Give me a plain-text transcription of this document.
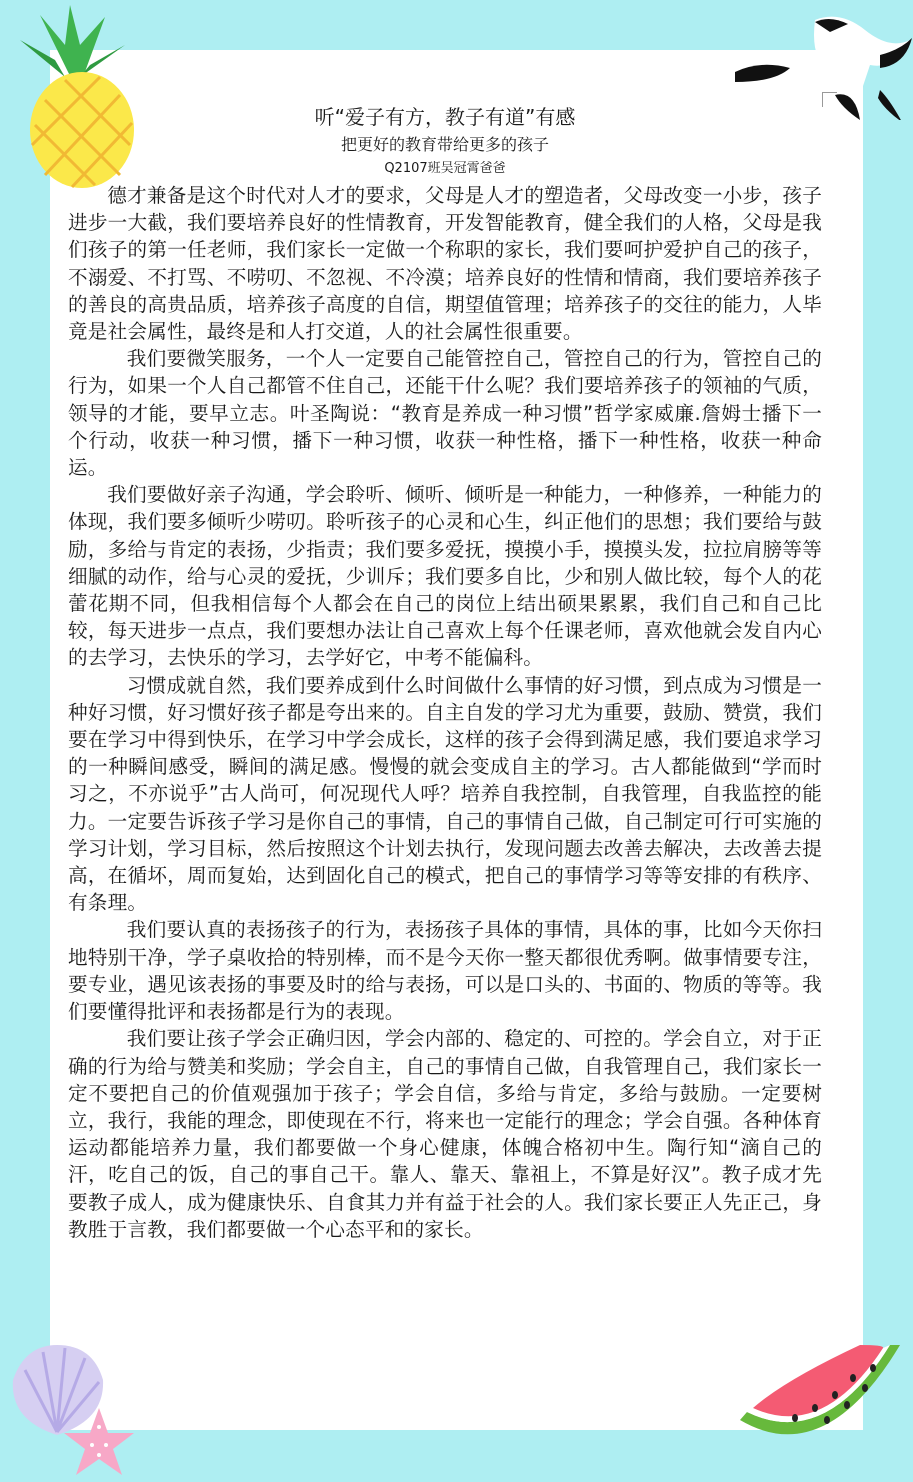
听“爱子有方，教子有道”有感

把更好的教育带给更多的孩子

Q2107班吴冠霄爸爸

德才兼备是这个时代对人才的要求，父母是人才的塑造者，父母改变一小步，孩子进步一大截，我们要培养良好的性情教育，开发智能教育，健全我们的人格，父母是我们孩子的第一任老师，我们家长一定做一个称职的家长，我们要呵护爱护自己的孩子，不溺爱、不打骂、不唠叨、不忽视、不冷漠；培养良好的性情和情商，我们要培养孩子的善良的高贵品质，培养孩子高度的自信，期望值管理；培养孩子的交往的能力，人毕竟是社会属性，最终是和人打交道，人的社会属性很重要。

我们要微笑服务，一个人一定要自己能管控自己，管控自己的行为，管控自己的行为，如果一个人自己都管不住自己，还能干什么呢？我们要培养孩子的领袖的气质，领导的才能，要早立志。叶圣陶说：“教育是养成一种习惯”哲学家威廉.詹姆士播下一个行动，收获一种习惯，播下一种习惯，收获一种性格，播下一种性格，收获一种命运。

我们要做好亲子沟通，学会聆听、倾听、倾听是一种能力，一种修养，一种能力的体现，我们要多倾听少唠叨。聆听孩子的心灵和心生，纠正他们的思想；我们要给与鼓励，多给与肯定的表扬，少指责；我们要多爱抚，摸摸小手，摸摸头发，拉拉肩膀等等细腻的动作，给与心灵的爱抚，少训斥；我们要多自比，少和别人做比较，每个人的花蕾花期不同，但我相信每个人都会在自己的岗位上结出硕果累累，我们自己和自己比较，每天进步一点点，我们要想办法让自己喜欢上每个任课老师，喜欢他就会发自内心的去学习，去快乐的学习，去学好它，中考不能偏科。

习惯成就自然，我们要养成到什么时间做什么事情的好习惯，到点成为习惯是一种好习惯，好习惯好孩子都是夸出来的。自主自发的学习尤为重要，鼓励、赞赏，我们要在学习中得到快乐，在学习中学会成长，这样的孩子会得到满足感，我们要追求学习的一种瞬间感受，瞬间的满足感。慢慢的就会变成自主的学习。古人都能做到“学而时习之，不亦说乎”古人尚可，何况现代人呼？培养自我控制，自我管理，自我监控的能力。一定要告诉孩子学习是你自己的事情，自己的事情自己做，自己制定可行可实施的学习计划，学习目标，然后按照这个计划去执行，发现问题去改善去解决，去改善去提高，在循坏，周而复始，达到固化自己的模式，把自己的事情学习等等安排的有秩序、有条理。

我们要认真的表扬孩子的行为，表扬孩子具体的事情，具体的事，比如今天你扫地特别干净，学子桌收拾的特别棒，而不是今天你一整天都很优秀啊。做事情要专注，要专业，遇见该表扬的事要及时的给与表扬，可以是口头的、书面的、物质的等等。我们要懂得批评和表扬都是行为的表现。

我们要让孩子学会正确归因，学会内部的、稳定的、可控的。学会自立，对于正确的行为给与赞美和奖励；学会自主，自己的事情自己做，自我管理自己，我们家长一定不要把自己的价值观强加于孩子；学会自信，多给与肯定，多给与鼓励。一定要树立，我行，我能的理念，即使现在不行，将来也一定能行的理念；学会自强。各种体育运动都能培养力量，我们都要做一个身心健康，体魄合格初中生。陶行知“滴自己的汗，吃自己的饭，自己的事自己干。靠人、靠天、靠祖上，不算是好汉”。教子成才先要教子成人，成为健康快乐、自食其力并有益于社会的人。我们家长要正人先正己，身教胜于言教，我们都要做一个心态平和的家长。
